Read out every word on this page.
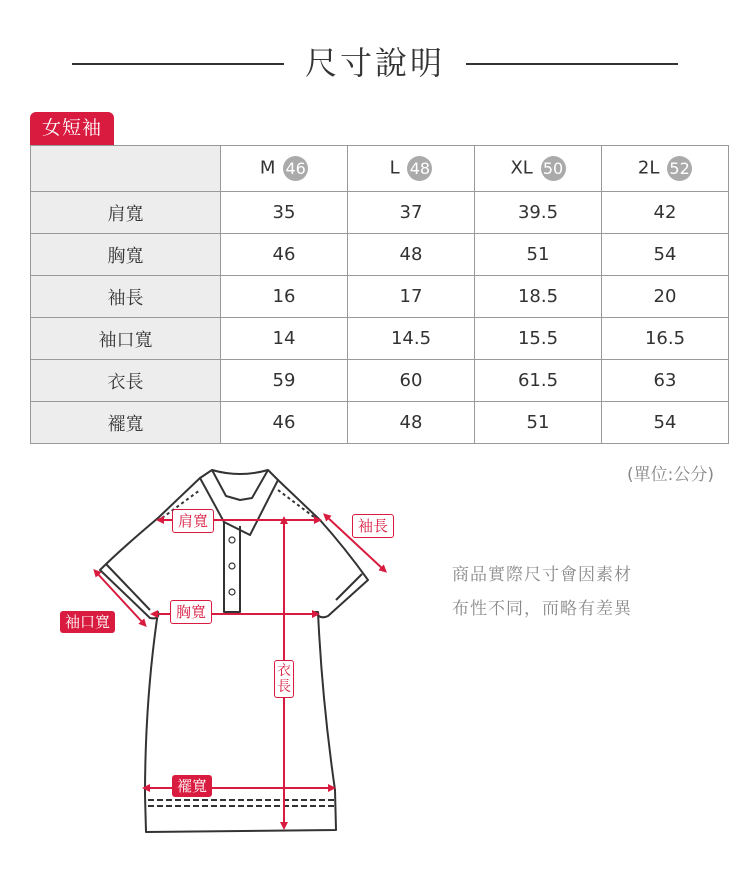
尺寸說明
女短袖
	M 46	L 48	XL 50	2L 52
肩寬	35	37	39.5	42
胸寬	46	48	51	54
袖長	16	17	18.5	20
袖口寬	14	14.5	15.5	16.5
衣長	59	60	61.5	63
襬寬	46	48	51	54
(單位:公分)
肩寬	袖長
袖口寬
胸寬
衣長
襬寬
商品實際尺寸會因素材
布性不同，而略有差異
